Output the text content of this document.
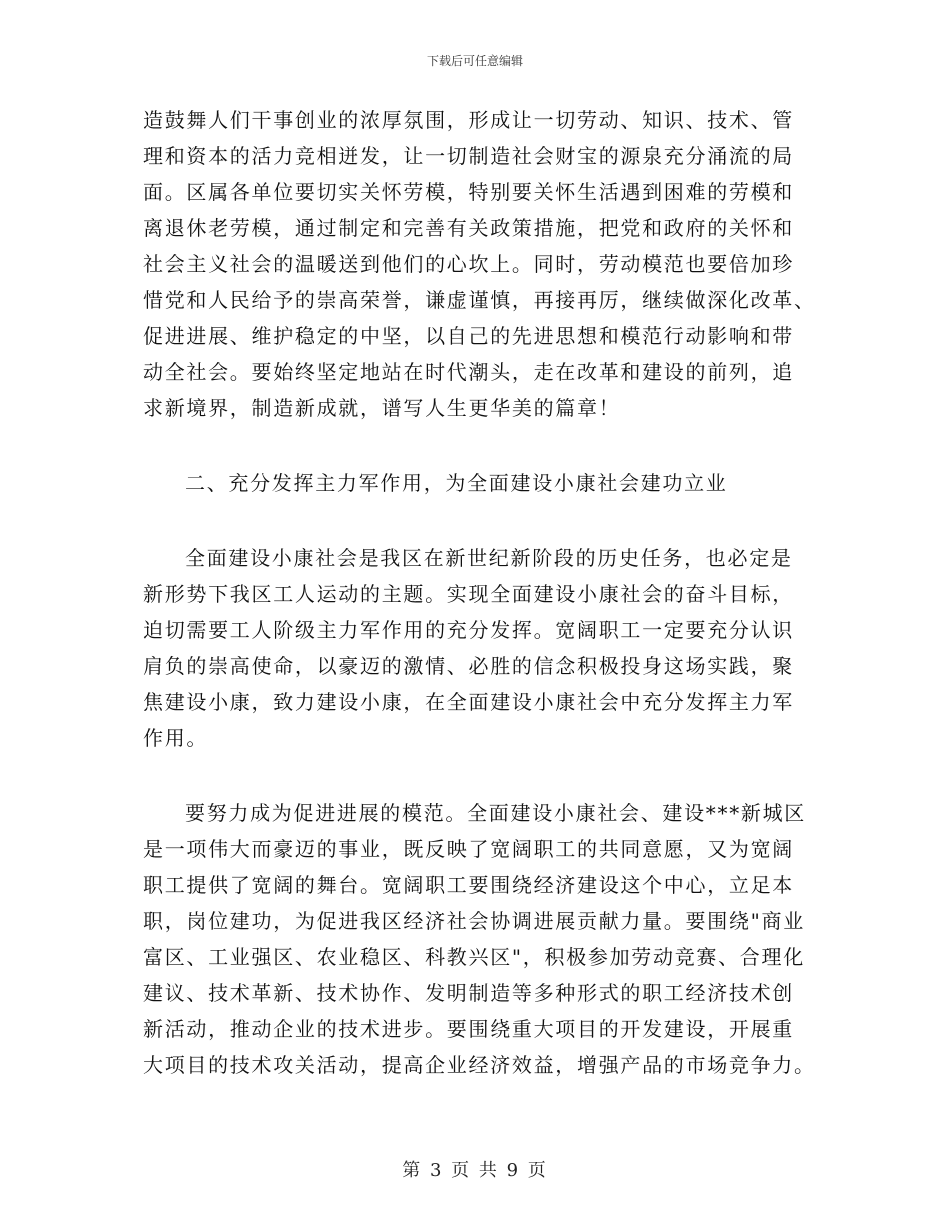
下载后可任意编辑
造鼓舞人们干事创业的浓厚氛围，形成让一切劳动、知识、技术、管
理和资本的活力竞相迸发，让一切制造社会财宝的源泉充分涌流的局
面。区属各单位要切实关怀劳模，特别要关怀生活遇到困难的劳模和
离退休老劳模，通过制定和完善有关政策措施，把党和政府的关怀和
社会主义社会的温暖送到他们的心坎上。同时，劳动模范也要倍加珍
惜党和人民给予的崇高荣誉，谦虚谨慎，再接再厉，继续做深化改革、
促进进展、维护稳定的中坚，以自己的先进思想和模范行动影响和带
动全社会。要始终坚定地站在时代潮头，走在改革和建设的前列，追
求新境界，制造新成就，谱写人生更华美的篇章！
二、充分发挥主力军作用，为全面建设小康社会建功立业
全面建设小康社会是我区在新世纪新阶段的历史任务，也必定是
新形势下我区工人运动的主题。实现全面建设小康社会的奋斗目标，
迫切需要工人阶级主力军作用的充分发挥。宽阔职工一定要充分认识
肩负的崇高使命，以豪迈的激情、必胜的信念积极投身这场实践，聚
焦建设小康，致力建设小康，在全面建设小康社会中充分发挥主力军
作用。
要努力成为促进进展的模范。全面建设小康社会、建设***新城区
是一项伟大而豪迈的事业，既反映了宽阔职工的共同意愿，又为宽阔
职工提供了宽阔的舞台。宽阔职工要围绕经济建设这个中心，立足本
职，岗位建功，为促进我区经济社会协调进展贡献力量。要围绕"商业
富区、工业强区、农业稳区、科教兴区"，积极参加劳动竞赛、合理化
建议、技术革新、技术协作、发明制造等多种形式的职工经济技术创
新活动，推动企业的技术进步。要围绕重大项目的开发建设，开展重
大项目的技术攻关活动，提高企业经济效益，增强产品的市场竞争力。
第 3 页 共 9 页
